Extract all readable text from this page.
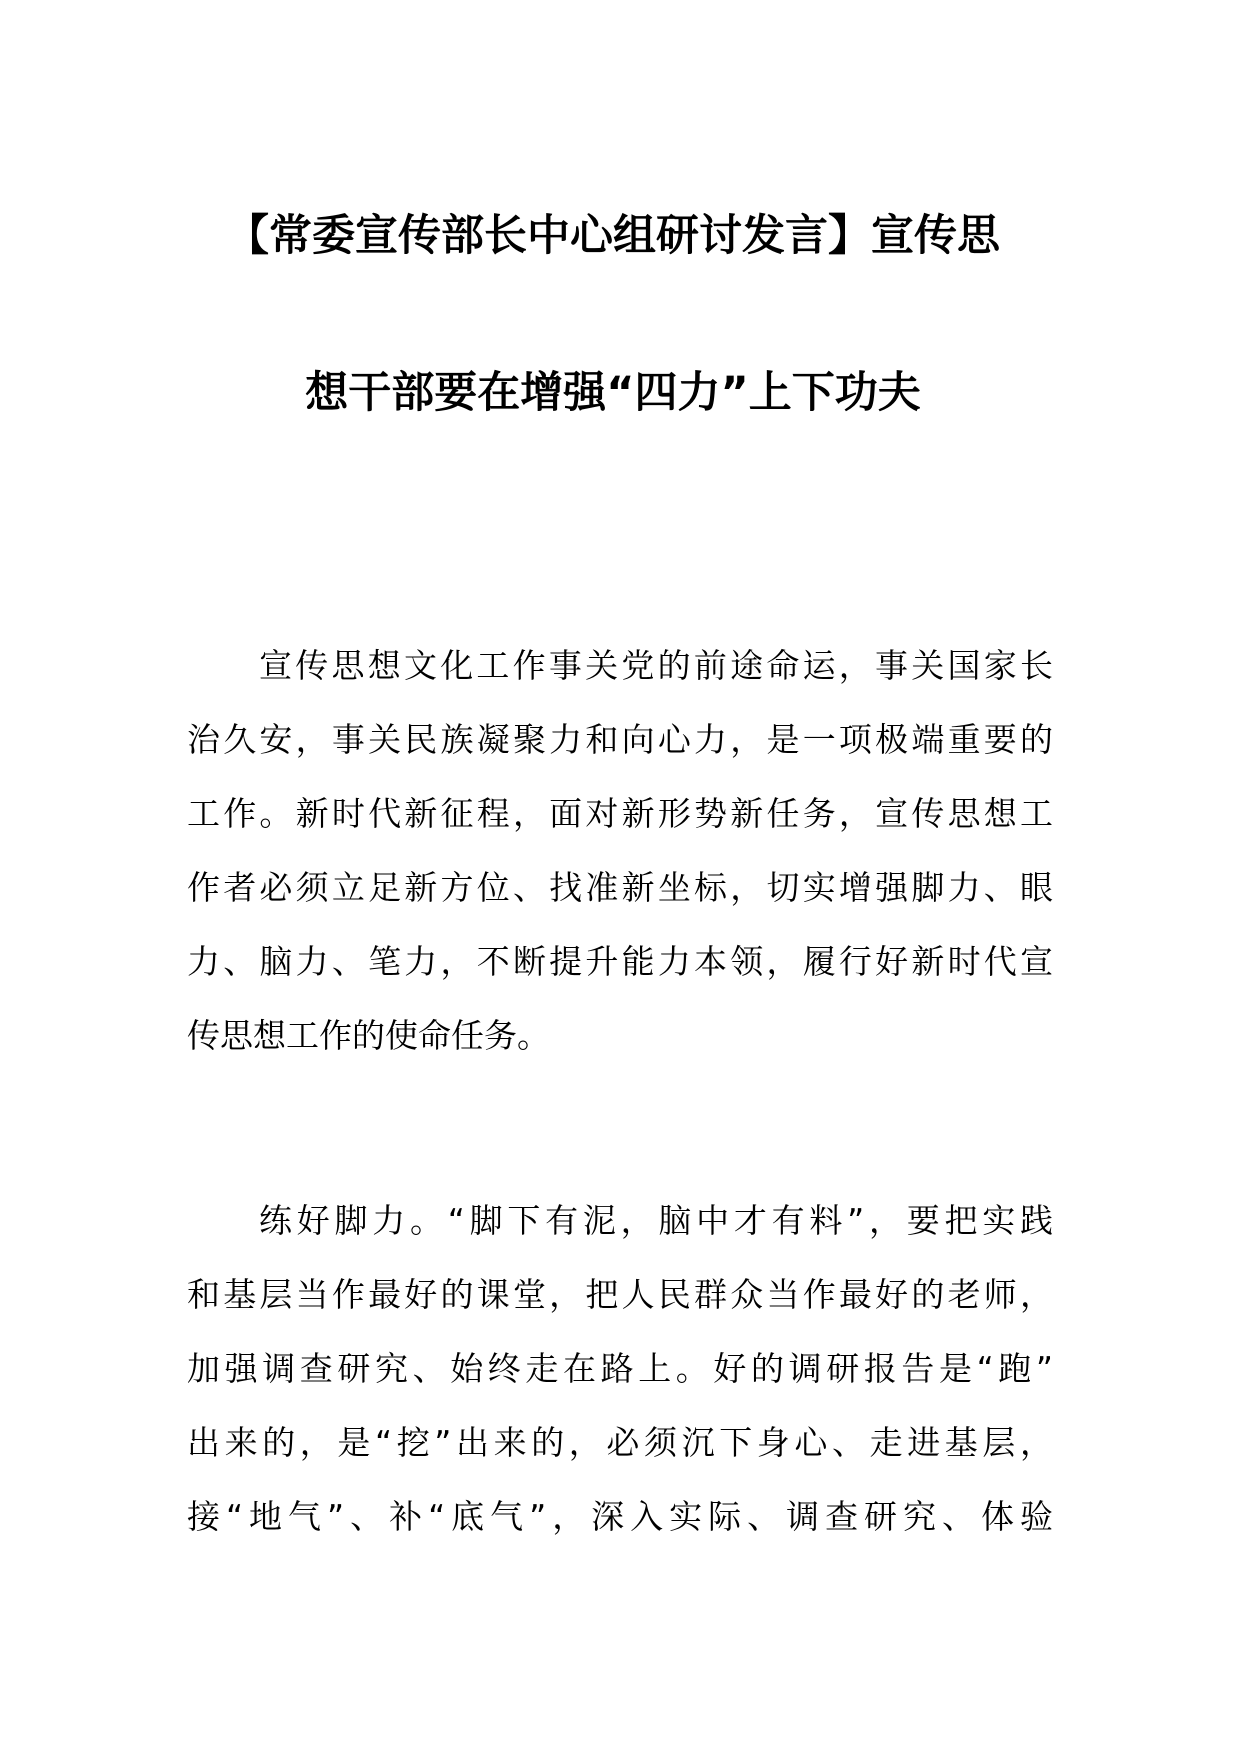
【常委宣传部长中心组研讨发言】宣传思
想干部要在增强“四力”上下功夫
宣传思想文化工作事关党的前途命运，事关国家长
治久安，事关民族凝聚力和向心力，是一项极端重要的
工作。新时代新征程，面对新形势新任务，宣传思想工
作者必须立足新方位、找准新坐标，切实增强脚力、眼
力、脑力、笔力，不断提升能力本领，履行好新时代宣
传思想工作的使命任务。
练好脚力。“脚下有泥，脑中才有料”，要把实践
和基层当作最好的课堂，把人民群众当作最好的老师，
加强调查研究、始终走在路上。好的调研报告是“跑”
出来的，是“挖”出来的，必须沉下身心、走进基层，
接“地气”、补“底气”，深入实际、调查研究、体验
